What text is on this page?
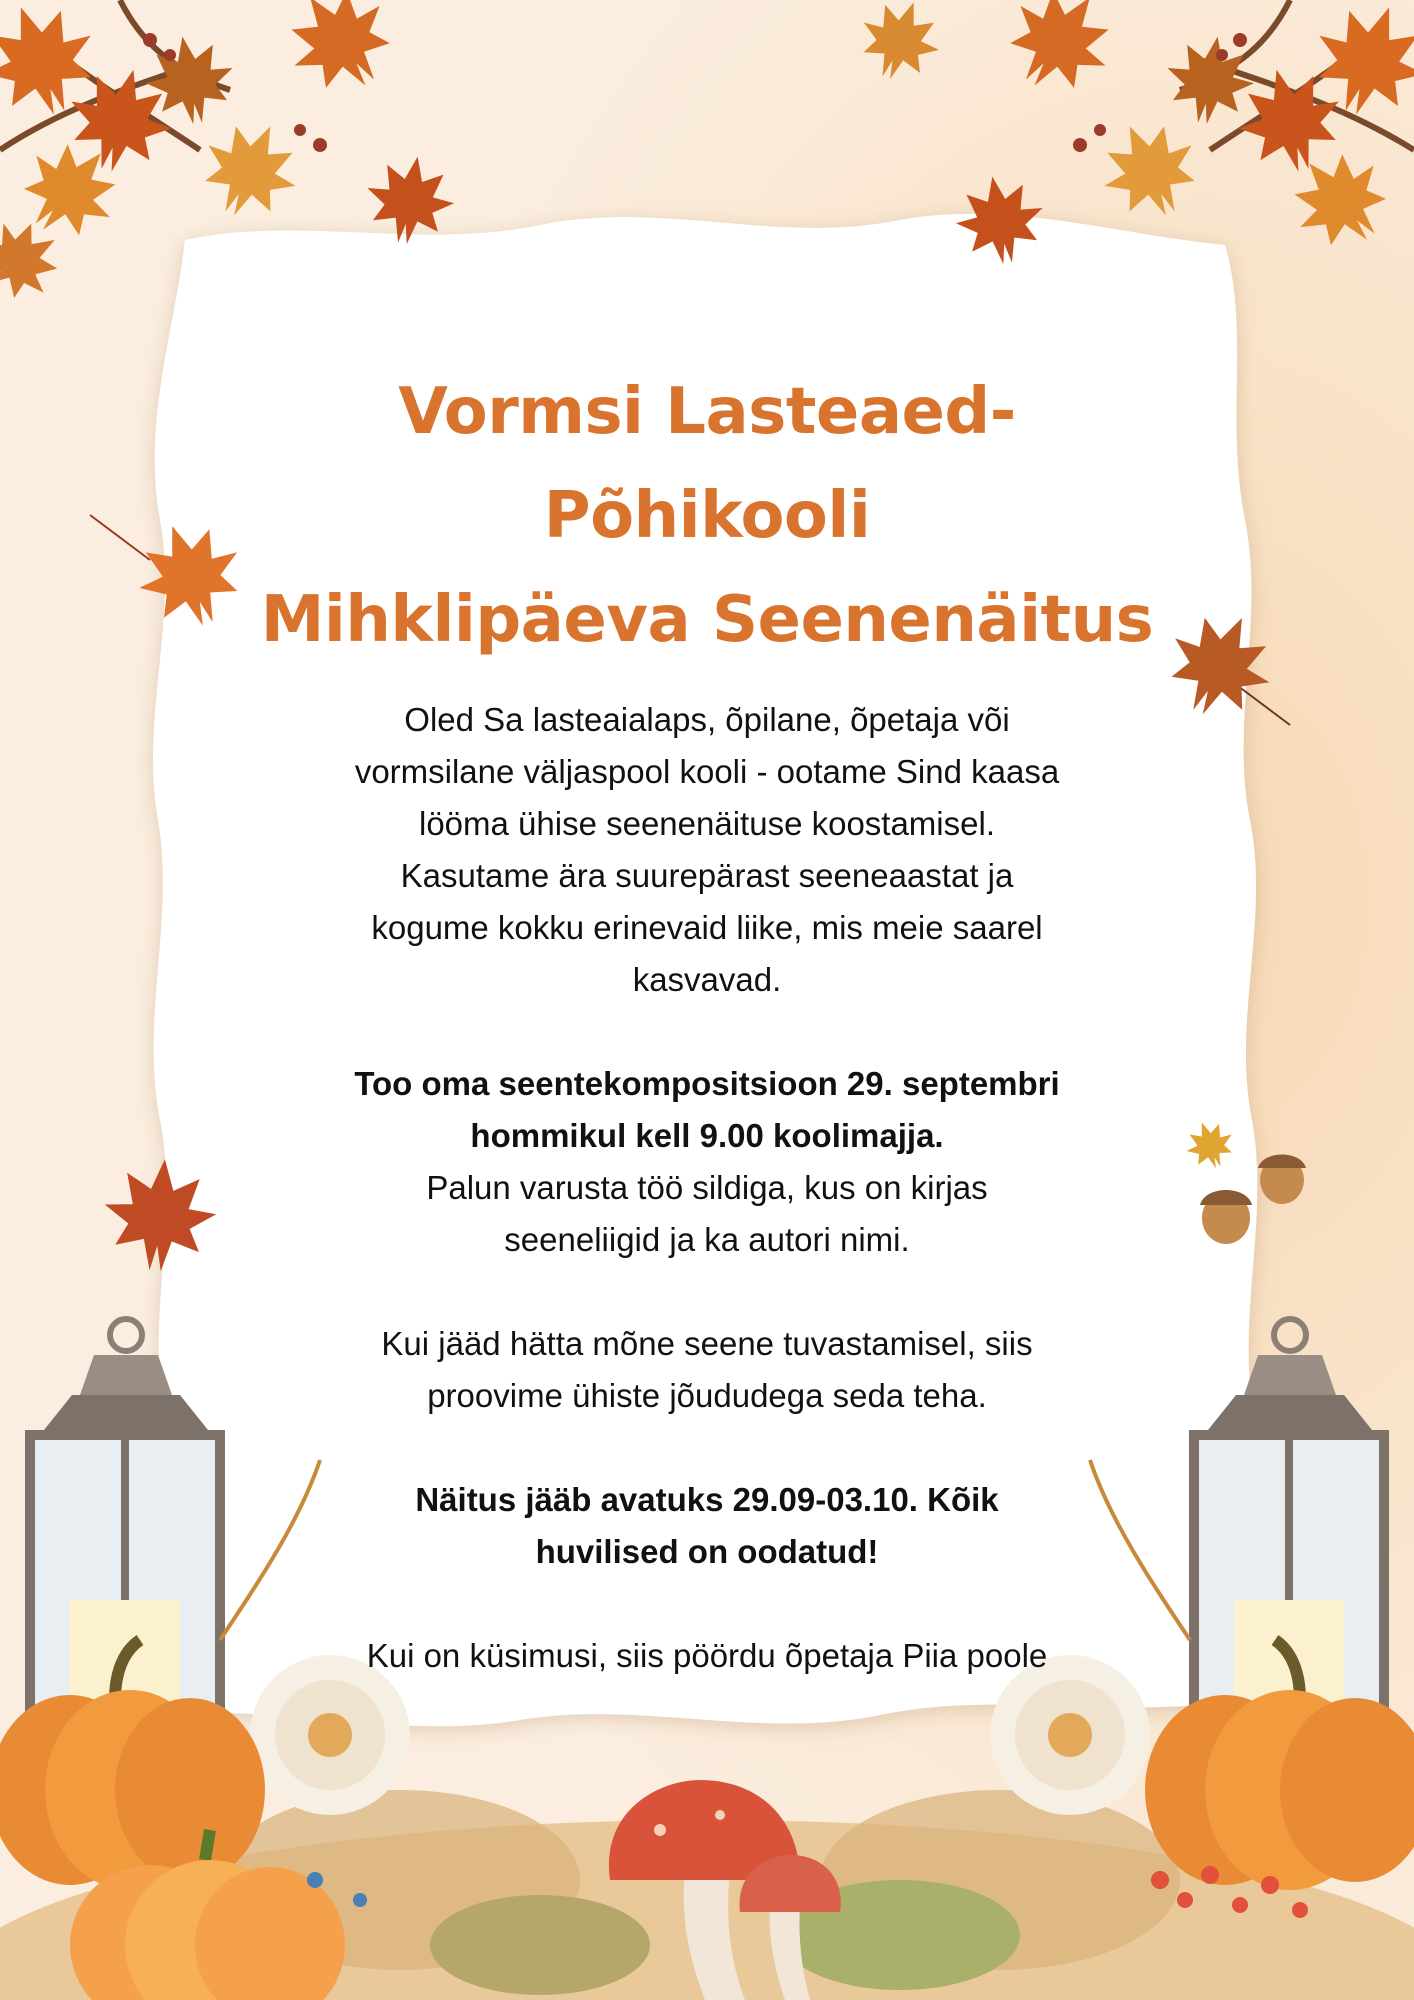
Vormsi Lasteaed-Põhikooli
Mihklipäeva Seenenäitus

Oled Sa lasteaialaps, õpilane, õpetaja või
vormsilane väljaspool kooli - ootame Sind kaasa
lööma ühise seenenäituse koostamisel.
Kasutame ära suurepärast seeneaastat ja
kogume kokku erinevaid liike, mis meie saarel
kasvavad.

Too oma seentekompositsioon 29. septembri
hommikul kell 9.00 koolimajja.

Palun varusta töö sildiga, kus on kirjas
seeneliigid ja ka autori nimi.

Kui jääd hätta mõne seene tuvastamisel, siis
proovime ühiste jõududega seda teha.

Näitus jääb avatuks 29.09-03.10. Kõik
huvilised on oodatud!

Kui on küsimusi, siis pöördu õpetaja Piia poole
